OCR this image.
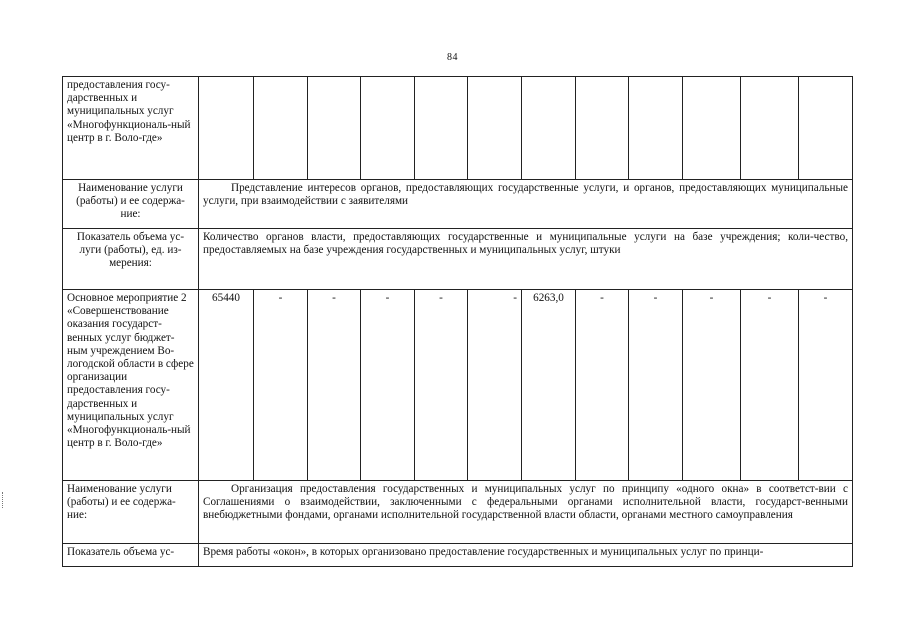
84
предоставления госу-дарственных и муниципальных услуг «Многофункциональ-ный центр в г. Воло-где»												
Наименование услуги (работы) и ее содержа-ние:	Представление интересов органов, предоставляющих государственные услуги, и органов, предоставляющих муниципальные услуги, при взаимодействии с заявителями											
Показатель объема ус-луги (работы), ед. из-мерения:	Количество органов власти, предоставляющих государственные и муниципальные услуги на базе учреждения; коли-чество, предоставляемых на базе учреждения государственных и муниципальных услуг, штуки											
Основное мероприятие 2 «Совершенствование оказания государст-венных услуг бюджет-ным учреждением Во-логодской области в сфере организации предоставления госу-дарственных и муниципальных услуг «Многофункциональ-ный центр в г. Воло-где»	65440	-	-	-	-	-	6263,0	-	-	-	-	-
Наименование услуги (работы) и ее содержа-ние:	Организация предоставления государственных и муниципальных услуг по принципу «одного окна» в соответст-вии с Соглашениями о взаимодействии, заключенными с федеральными органами исполнительной власти, государст-венными внебюджетными фондами, органами исполнительной государственной власти области, органами местного самоуправления											
Показатель объема ус-	Время работы «окон», в которых организовано предоставление государственных и муниципальных услуг по принци-											
